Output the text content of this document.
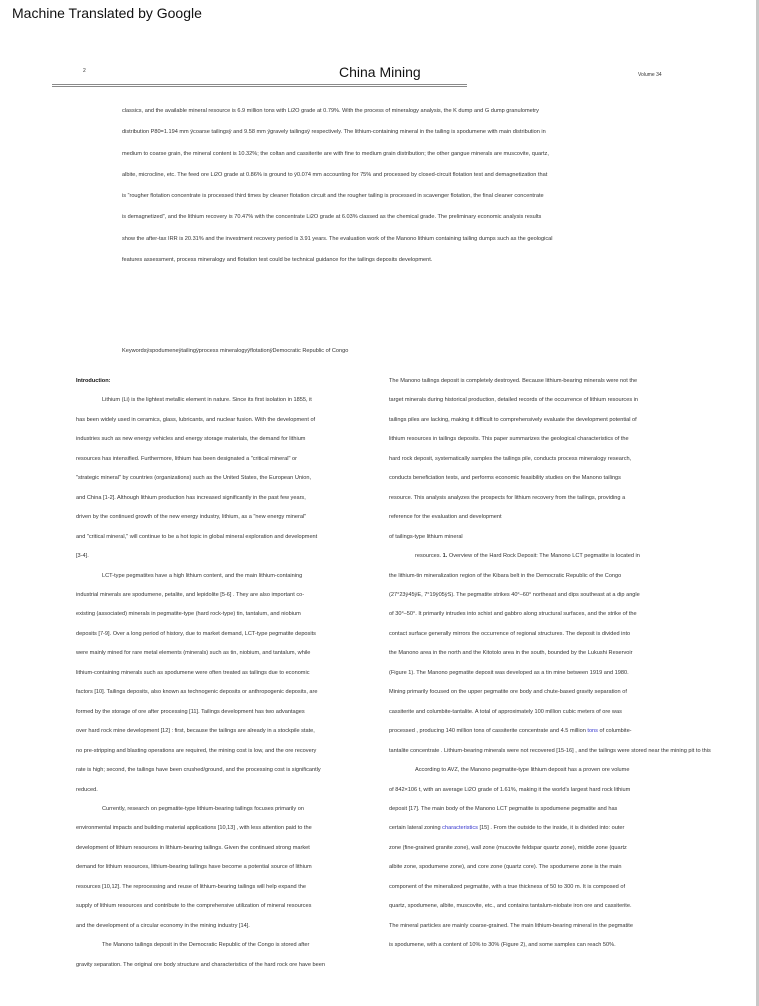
Machine Translated by Google
2	China Mining	Volume 34

classics, and the available mineral resource is 6.9 million tons with Li2O grade at 0.79%. With the process of mineralogy analysis, the K dump and G dump granulometry

distribution P80=1.194 mm ÿcoarse tailingsÿ and 9.58 mm ÿgravely tailingsÿ respectively. The lithium-containing mineral in the tailing is spodumene with main distribution in

medium to coarse grain, the mineral content is 10.32%; the coltan and cassiterite are with fine to medium grain distribution; the other gangue minerals are muscovite, quartz,

albite, microcline, etc. The feed ore Li2O grade at 0.86% is ground to ÿ0.074 mm accounting for 75% and processed by closed-circuit flotation test and demagnetization that

is “rougher flotation concentrate is processed third times by cleaner flotation circuit and the rougher tailing is processed in scavenger flotation, the final cleaner concentrate

is demagnetized”, and the lithium recovery is 70.47% with the concentrate Li2O grade at 6.03% classed as the chemical grade. The preliminary economic analysis results

show the after-tax IRR is 20.31% and the investment recovery period is 3.91 years. The evaluation work of the Manono lithium containing tailing dumps such as the geological

features assessment, process mineralogy and flotation test could be technical guidance for the tailings deposits development.

Keywordsÿspodumeneÿtailingÿprocess mineralogyÿflotationÿDemocratic Republic of Congo

Introduction:

Lithium (Li) is the lightest metallic element in nature. Since its first isolation in 1855, it

has been widely used in ceramics, glass, lubricants, and nuclear fusion. With the development of

industries such as new energy vehicles and energy storage materials, the demand for lithium

resources has intensified. Furthermore, lithium has been designated a "critical mineral" or

"strategic mineral" by countries (organizations) such as the United States, the European Union,

and China [1-2]. Although lithium production has increased significantly in the past few years,

driven by the continued growth of the new energy industry, lithium, as a "new energy mineral"

and "critical mineral," will continue to be a hot topic in global mineral exploration and development

[3-4].

LCT-type pegmatites have a high lithium content, and the main lithium-containing

industrial minerals are spodumene, petalite, and lepidolite [5-6] . They are also important co-

existing (associated) minerals in pegmatite-type (hard rock-type) tin, tantalum, and niobium

deposits [7-9]. Over a long period of history, due to market demand, LCT-type pegmatite deposits

were mainly mined for rare metal elements (minerals) such as tin, niobium, and tantalum, while

lithium-containing minerals such as spodumene were often treated as tailings due to economic

factors [10]. Tailings deposits, also known as technogenic deposits or anthropogenic deposits, are

formed by the storage of ore after processing [11]. Tailings development has two advantages

over hard rock mine development [12] : first, because the tailings are already in a stockpile state,

no pre-stripping and blasting operations are required, the mining cost is low, and the ore recovery

rate is high; second, the tailings have been crushed/ground, and the processing cost is significantly

reduced.

Currently, research on pegmatite-type lithium-bearing tailings focuses primarily on

environmental impacts and building material applications [10,13] , with less attention paid to the

development of lithium resources in lithium-bearing tailings. Given the continued strong market

demand for lithium resources, lithium-bearing tailings have become a potential source of lithium

resources [10,12]. The reprocessing and reuse of lithium-bearing tailings will help expand the

supply of lithium resources and contribute to the comprehensive utilization of mineral resources

and the development of a circular economy in the mining industry [14].

The Manono tailings deposit in the Democratic Republic of the Congo is stored after

gravity separation. The original ore body structure and characteristics of the hard rock ore have been

The Manono tailings deposit is completely destroyed. Because lithium-bearing minerals were not the

target minerals during historical production, detailed records of the occurrence of lithium resources in

tailings piles are lacking, making it difficult to comprehensively evaluate the development potential of

lithium resources in tailings deposits. This paper summarizes the geological characteristics of the

hard rock deposit, systematically samples the tailings pile, conducts process mineralogy research,

conducts beneficiation tests, and performs economic feasibility studies on the Manono tailings

resource. This analysis analyzes the prospects for lithium recovery from the tailings, providing a

reference for the evaluation and development

of tailings-type lithium mineral

resources. 1. Overview of the Hard Rock Deposit: The Manono LCT pegmatite is located in

the lithium-tin mineralization region of the Kibara belt in the Democratic Republic of the Congo

(27°23ÿ45ÿE, 7°19ÿ05ÿS). The pegmatite strikes 40°–60° northeast and dips southeast at a dip angle

of 30°–50°. It primarily intrudes into schist and gabbro along structural surfaces, and the strike of the

contact surface generally mirrors the occurrence of regional structures. The deposit is divided into

the Manono area in the north and the Kitotolo area in the south, bounded by the Lukushi Reservoir

(Figure 1). The Manono pegmatite deposit was developed as a tin mine between 1919 and 1980.

Mining primarily focused on the upper pegmatite ore body and chute-based gravity separation of

cassiterite and columbite-tantalite. A total of approximately 100 million cubic meters of ore was

processed , producing 140 million tons of cassiterite concentrate and 4.5 million tons of columbite-

tantalite concentrate . Lithium-bearing minerals were not recovered [15-16] , and the tailings were stored near the mining pit to this

According to AVZ, the Manono pegmatite-type lithium deposit has a proven ore volume

of 842×106 t, with an average Li2O grade of 1.61%, making it the world's largest hard rock lithium

deposit [17]. The main body of the Manono LCT pegmatite is spodumene pegmatite and has

certain lateral zoning characteristics [15] . From the outside to the inside, it is divided into: outer

zone (fine-grained granite zone), wall zone (mucovite feldspar quartz zone), middle zone (quartz

albite zone, spodumene zone), and core zone (quartz core). The spodumene zone is the main

component of the mineralized pegmatite, with a true thickness of 50 to 300 m. It is composed of

quartz, spodumene, albite, muscovite, etc., and contains tantalum-niobate iron ore and cassiterite.

The mineral particles are mainly coarse-grained. The main lithium-bearing mineral in the pegmatite

is spodumene, with a content of 10% to 30% (Figure 2), and some samples can reach 50%.
